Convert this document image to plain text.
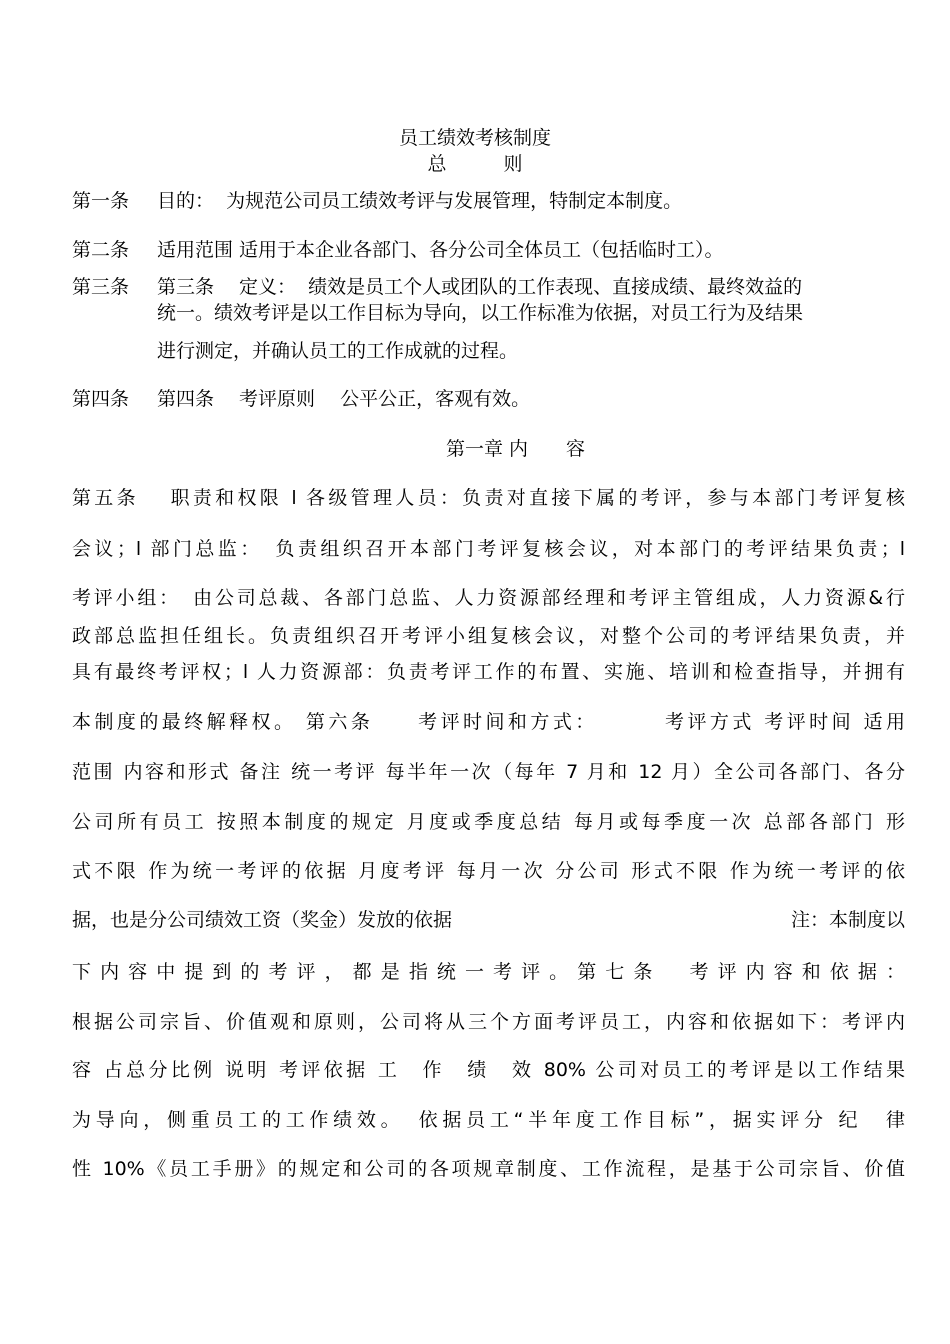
员工绩效考核制度
总　　　则
第一条 目的：  为规范公司员工绩效考评与发展管理，特制定本制度。
第二条 适用范围 适用于本企业各部门、各分公司全体员工（包括临时工）。
第三条 第三条　 定义：  绩效是员工个人或团队的工作表现、直接成绩、最终效益的
统一。绩效考评是以工作目标为导向，以工作标准为依据，对员工行为及结果
进行测定，并确认员工的工作成就的过程。
第四条 第四条　 考评原则　 公平公正，客观有效。
第一章 内　　容
第五条　 职责和权限 l 各级管理人员：负责对直接下属的考评，参与本部门考评复核
会议；l 部门总监：　负责组织召开本部门考评复核会议，对本部门的考评结果负责；l
考评小组：　由公司总裁、各部门总监、人力资源部经理和考评主管组成，人力资源&行
政部总监担任组长。负责组织召开考评小组复核会议，对整个公司的考评结果负责，并
具有最终考评权；l 人力资源部：负责考评工作的布置、实施、培训和检查指导，并拥有
本制度的最终解释权。 第六条　　考评时间和方式：　　　 考评方式 考评时间 适用
范围 内容和形式 备注 统一考评 每半年一次（每年 7 月和 12 月）全公司各部门、各分
公司所有员工 按照本制度的规定 月度或季度总结 每月或每季度一次 总部各部门 形
式不限 作为统一考评的依据 月度考评 每月一次 分公司 形式不限 作为统一考评的依
据，也是分公司绩效工资（奖金）发放的依据	注：本制度以
下 内 容 中 提 到 的 考 评 ， 都 是 指 统 一 考 评 。 第 七 条 　 考 评 内 容 和 依 据 ：
根据公司宗旨、价值观和原则，公司将从三个方面考评员工，内容和依据如下：考评内
容 占总分比例 说明 考评依据 工　作　绩　效 80% 公司对员工的考评是以工作结果
为导向，侧重员工的工作绩效。　依据员工“半年度工作目标”，据实评分 纪　律
性 10%《员工手册》的规定和公司的各项规章制度、工作流程，是基于公司宗旨、价值
